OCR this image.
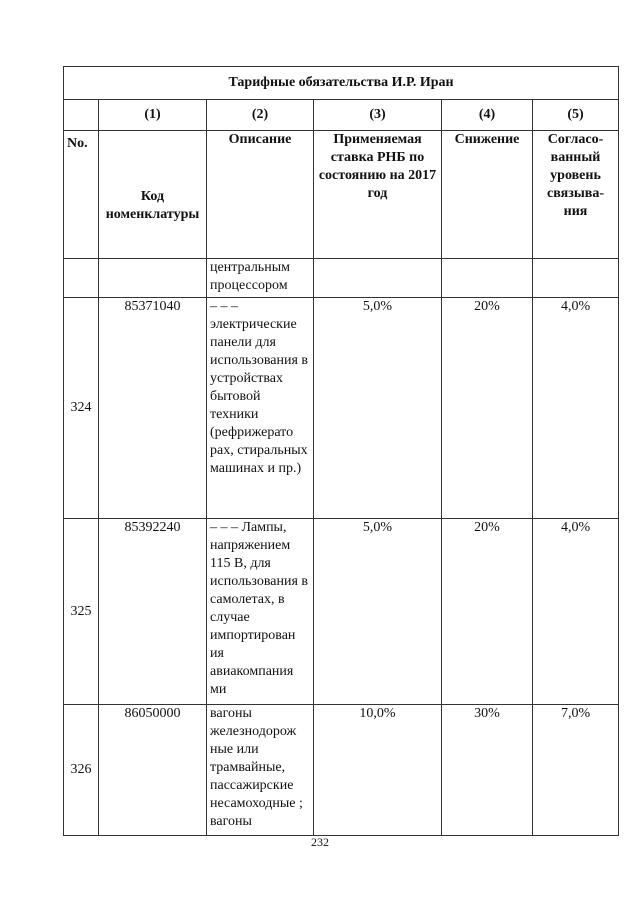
Тарифные обязательства И.Р. Иран					
	(1)	(2)	(3)	(4)	(5)
No.	Код номенклатуры	Описание	Применяемая ставка РНБ по состоянию на 2017 год	Снижение	Согласо-ванный уровень связыва-ния
		центральным процессором			
324	85371040	– – – электрические панели для использования в устройствах бытовой техники (рефрижерато рах, стиральных машинах и пр.)	5,0%	20%	4,0%
325	85392240	– – – Лампы, напряжением 115 В, для использования в самолетах, в случае импортирован ия авиакомпания ми	5,0%	20%	4,0%
326	86050000	вагоны железнодорож ные или трамвайные, пассажирские несамоходные ; вагоны	10,0%	30%	7,0%
232
